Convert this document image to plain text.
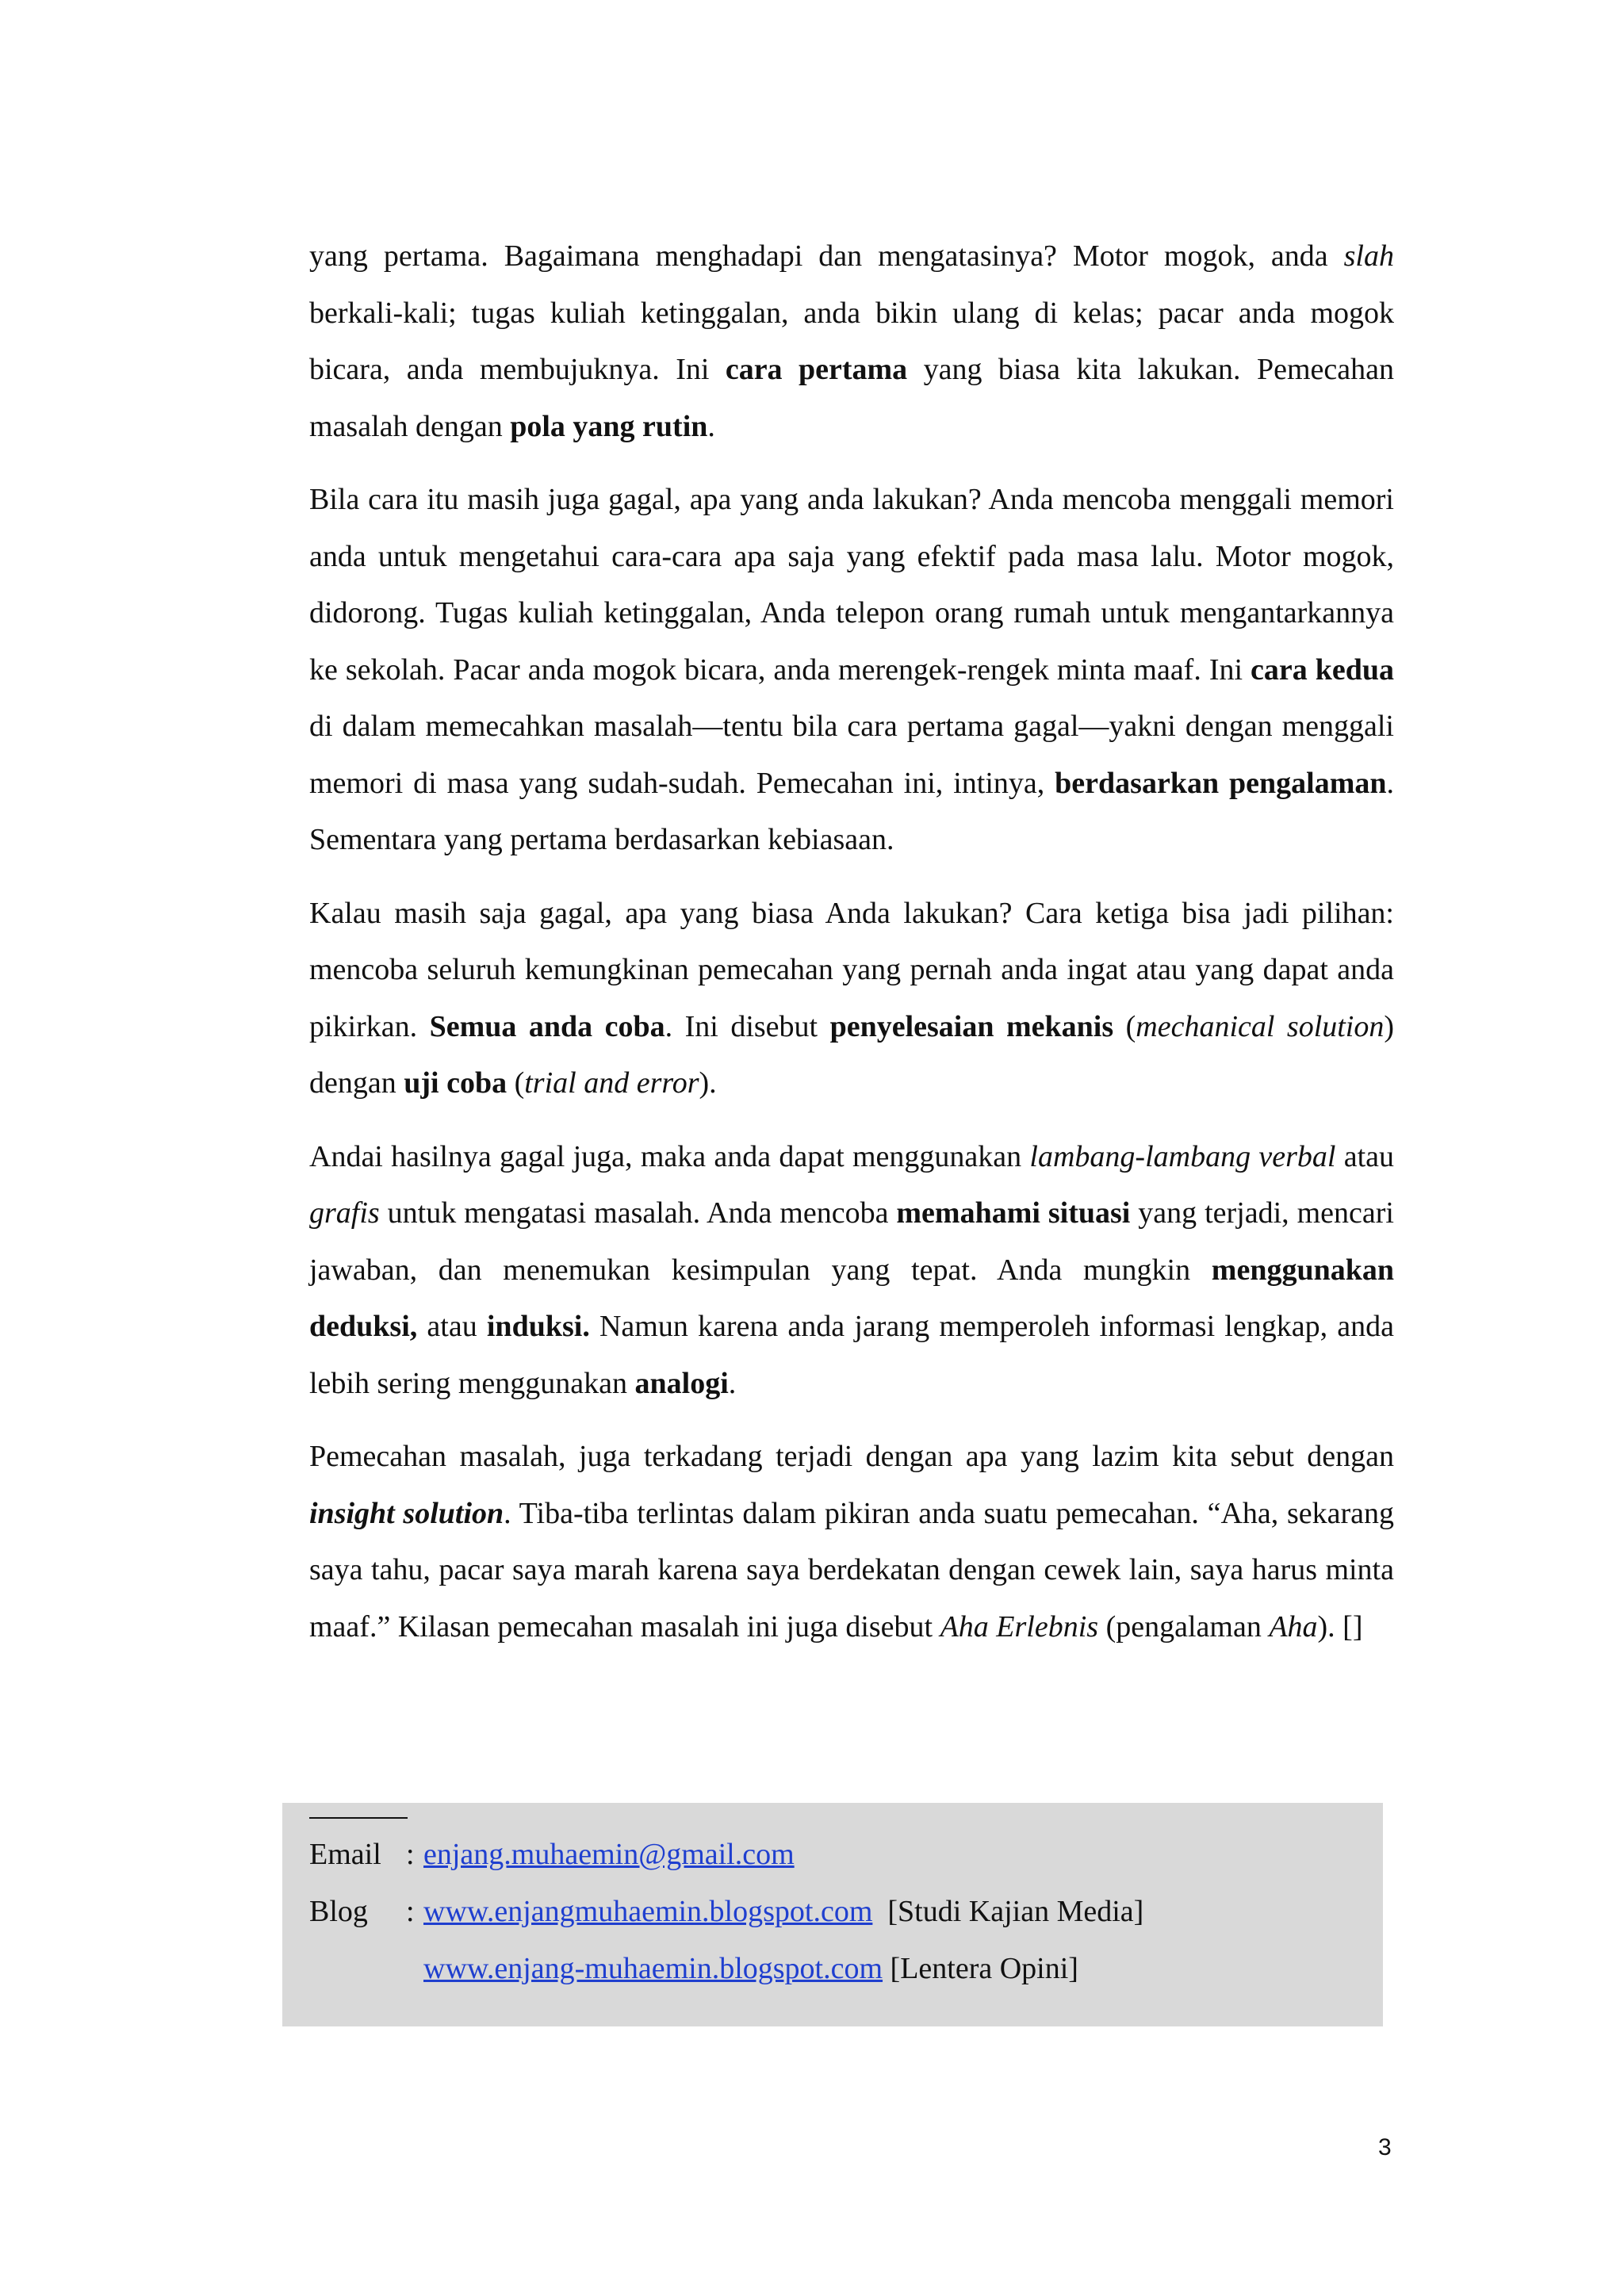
yang pertama. Bagaimana menghadapi dan mengatasinya? Motor mogok, anda slah berkali-kali; tugas kuliah ketinggalan, anda bikin ulang di kelas; pacar anda mogok bicara, anda membujuknya. Ini cara pertama yang biasa kita lakukan. Pemecahan masalah dengan pola yang rutin.

Bila cara itu masih juga gagal, apa yang anda lakukan? Anda mencoba menggali memori anda untuk mengetahui cara-cara apa saja yang efektif pada masa lalu. Motor mogok, didorong. Tugas kuliah ketinggalan, Anda telepon orang rumah untuk mengantarkannya ke sekolah. Pacar anda mogok bicara, anda merengek-rengek minta maaf. Ini cara kedua di dalam memecahkan masalah—tentu bila cara pertama gagal—yakni dengan menggali memori di masa yang sudah-sudah. Pemecahan ini, intinya, berdasarkan pengalaman. Sementara yang pertama berdasarkan kebiasaan.

Kalau masih saja gagal, apa yang biasa Anda lakukan? Cara ketiga bisa jadi pilihan: mencoba seluruh kemungkinan pemecahan yang pernah anda ingat atau yang dapat anda pikirkan. Semua anda coba. Ini disebut penyelesaian mekanis (mechanical solution) dengan uji coba (trial and error).

Andai hasilnya gagal juga, maka anda dapat menggunakan lambang-lambang verbal atau grafis untuk mengatasi masalah. Anda mencoba memahami situasi yang terjadi, mencari jawaban, dan menemukan kesimpulan yang tepat. Anda mungkin menggunakan deduksi, atau induksi. Namun karena anda jarang memperoleh informasi lengkap, anda lebih sering menggunakan analogi.

Pemecahan masalah, juga terkadang terjadi dengan apa yang lazim kita sebut dengan insight solution. Tiba-tiba terlintas dalam pikiran anda suatu pemecahan. “Aha, sekarang saya tahu, pacar saya marah karena saya berdekatan dengan cewek lain, saya harus minta maaf.” Kilasan pemecahan masalah ini juga disebut Aha Erlebnis (pengalaman Aha). []

Email : enjang.muhaemin@gmail.com
Blog : www.enjangmuhaemin.blogspot.com [Studi Kajian Media]
www.enjang-muhaemin.blogspot.com [Lentera Opini]
3
